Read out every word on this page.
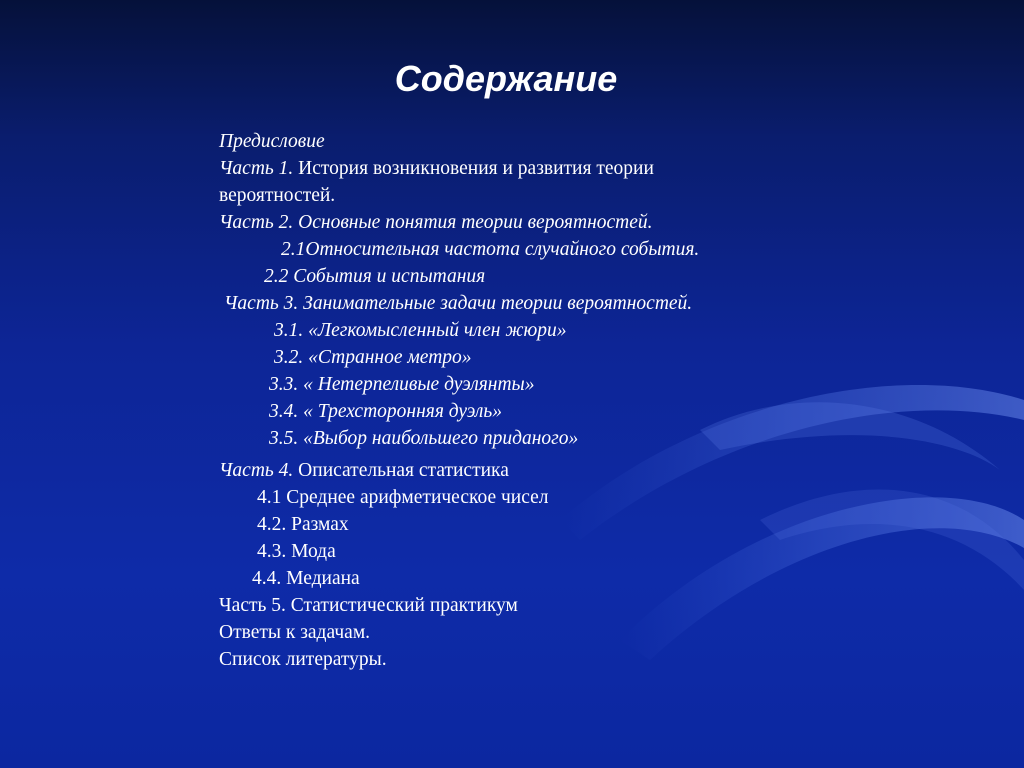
Содержание
Предисловие
Часть 1. История возникновения и развития теории
вероятностей.
Часть 2. Основные понятия теории вероятностей.
2.1Относительная частота случайного события.
2.2 События и испытания
Часть 3. Занимательные задачи теории вероятностей.
3.1. «Легкомысленный член жюри»
3.2. «Странное метро»
3.3. « Нетерпеливые дуэлянты»
3.4. « Трехсторонняя дуэль»
3.5. «Выбор наибольшего приданого»
Часть 4. Описательная статистика
4.1 Среднее арифметическое чисел
4.2. Размах
4.3. Мода
4.4. Медиана
Часть 5. Статистический практикум
Ответы к задачам.
Список литературы.
